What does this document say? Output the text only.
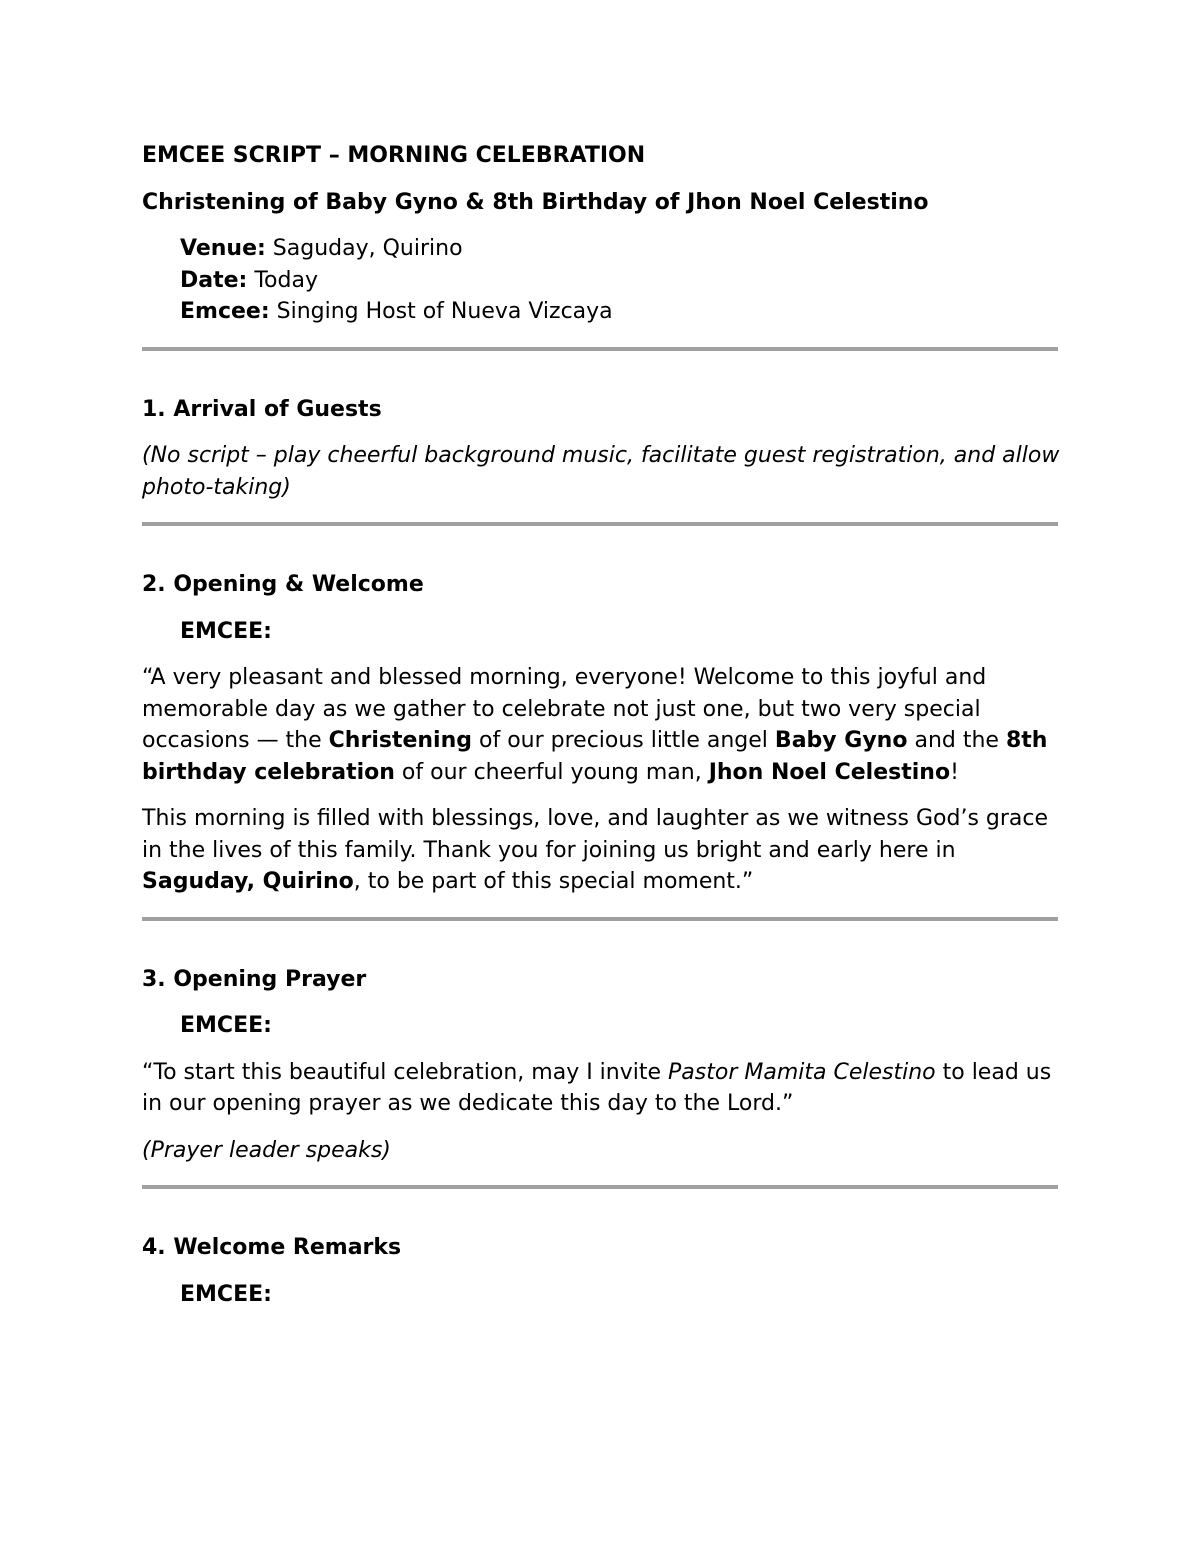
EMCEE SCRIPT – MORNING CELEBRATION

Christening of Baby Gyno & 8th Birthday of Jhon Noel Celestino

Venue: Saguday, Quirino
Date: Today
Emcee: Singing Host of Nueva Vizcaya

1. Arrival of Guests

(No script – play cheerful background music, facilitate guest registration, and allow photo-taking)

2. Opening & Welcome

EMCEE:

“A very pleasant and blessed morning, everyone! Welcome to this joyful and memorable day as we gather to celebrate not just one, but two very special occasions — the Christening of our precious little angel Baby Gyno and the 8th birthday celebration of our cheerful young man, Jhon Noel Celestino!

This morning is filled with blessings, love, and laughter as we witness God’s grace in the lives of this family. Thank you for joining us bright and early here in Saguday, Quirino, to be part of this special moment.”

3. Opening Prayer

EMCEE:

“To start this beautiful celebration, may I invite Pastor Mamita Celestino to lead us in our opening prayer as we dedicate this day to the Lord.”

(Prayer leader speaks)

4. Welcome Remarks

EMCEE:
